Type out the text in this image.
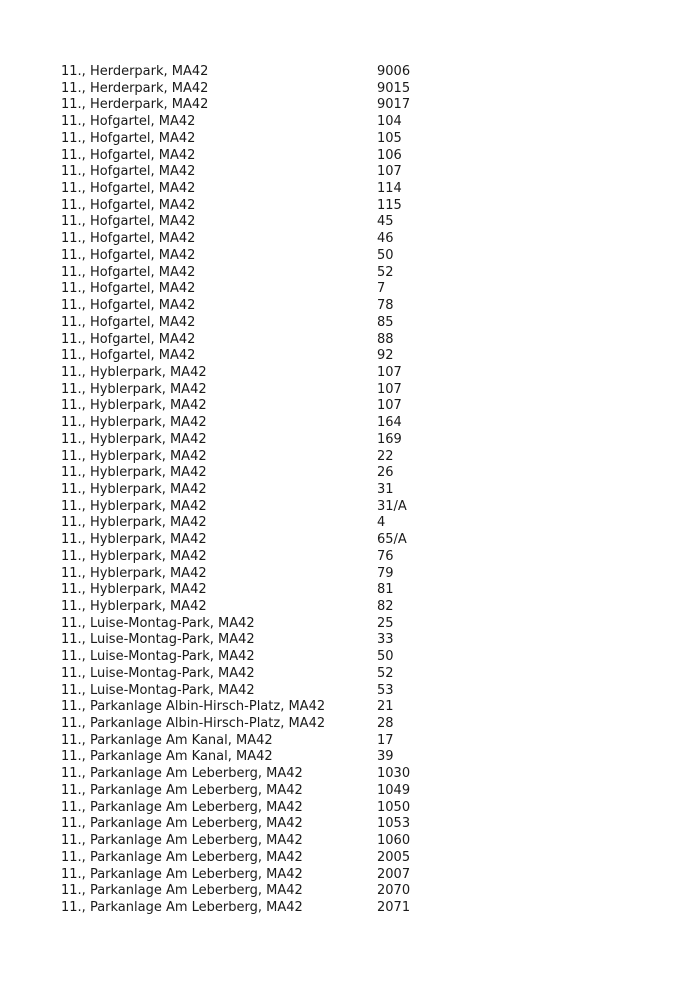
11., Herderpark, MA42	9006
11., Herderpark, MA42	9015
11., Herderpark, MA42	9017
11., Hofgartel, MA42	104
11., Hofgartel, MA42	105
11., Hofgartel, MA42	106
11., Hofgartel, MA42	107
11., Hofgartel, MA42	114
11., Hofgartel, MA42	115
11., Hofgartel, MA42	45
11., Hofgartel, MA42	46
11., Hofgartel, MA42	50
11., Hofgartel, MA42	52
11., Hofgartel, MA42	7
11., Hofgartel, MA42	78
11., Hofgartel, MA42	85
11., Hofgartel, MA42	88
11., Hofgartel, MA42	92
11., Hyblerpark, MA42	107
11., Hyblerpark, MA42	107
11., Hyblerpark, MA42	107
11., Hyblerpark, MA42	164
11., Hyblerpark, MA42	169
11., Hyblerpark, MA42	22
11., Hyblerpark, MA42	26
11., Hyblerpark, MA42	31
11., Hyblerpark, MA42	31/A
11., Hyblerpark, MA42	4
11., Hyblerpark, MA42	65/A
11., Hyblerpark, MA42	76
11., Hyblerpark, MA42	79
11., Hyblerpark, MA42	81
11., Hyblerpark, MA42	82
11., Luise-Montag-Park, MA42	25
11., Luise-Montag-Park, MA42	33
11., Luise-Montag-Park, MA42	50
11., Luise-Montag-Park, MA42	52
11., Luise-Montag-Park, MA42	53
11., Parkanlage Albin-Hirsch-Platz, MA42	21
11., Parkanlage Albin-Hirsch-Platz, MA42	28
11., Parkanlage Am Kanal, MA42	17
11., Parkanlage Am Kanal, MA42	39
11., Parkanlage Am Leberberg, MA42	1030
11., Parkanlage Am Leberberg, MA42	1049
11., Parkanlage Am Leberberg, MA42	1050
11., Parkanlage Am Leberberg, MA42	1053
11., Parkanlage Am Leberberg, MA42	1060
11., Parkanlage Am Leberberg, MA42	2005
11., Parkanlage Am Leberberg, MA42	2007
11., Parkanlage Am Leberberg, MA42	2070
11., Parkanlage Am Leberberg, MA42	2071
